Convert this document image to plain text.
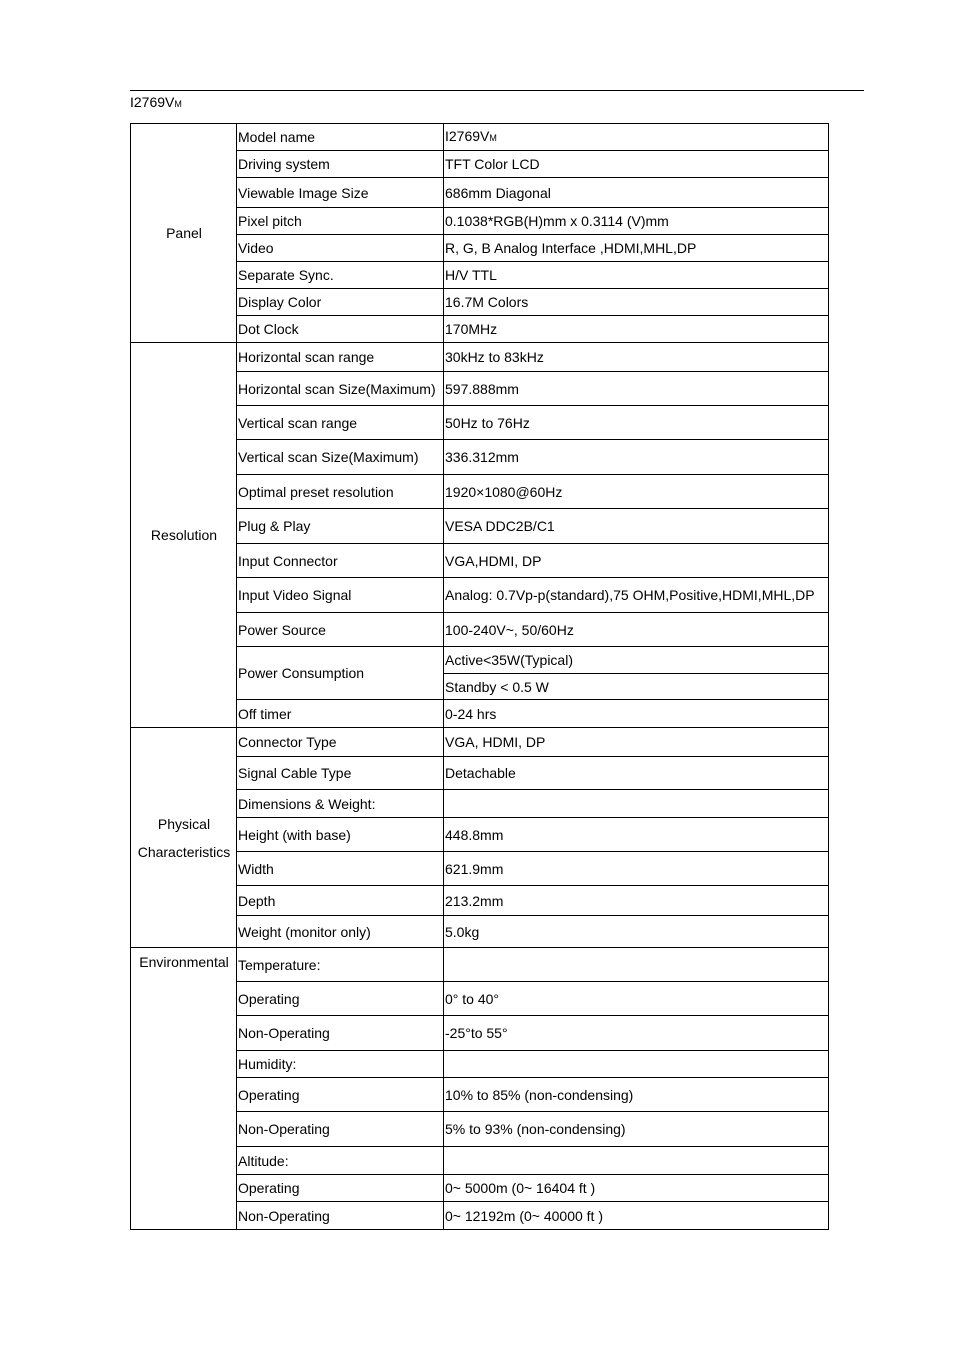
I2769VM
Panel	Model name	I2769VM
	Driving system	TFT Color LCD
	Viewable Image Size	686mm Diagonal
	Pixel pitch	0.1038*RGB(H)mm x 0.3114 (V)mm
	Video	R, G, B Analog Interface ,HDMI,MHL,DP
	Separate Sync.	H/V TTL
	Display Color	16.7M Colors
	Dot Clock	170MHz
Resolution	Horizontal scan range	30kHz to 83kHz
	Horizontal scan Size(Maximum)	597.888mm
	Vertical scan range	50Hz to 76Hz
	Vertical scan Size(Maximum)	336.312mm
	Optimal preset resolution	1920×1080@60Hz
	Plug & Play	VESA DDC2B/C1
	Input Connector	VGA,HDMI, DP
	Input Video Signal	Analog: 0.7Vp-p(standard),75 OHM,Positive,HDMI,MHL,DP
	Power Source	100-240V~, 50/60Hz
	Power Consumption	Active<35W(Typical)
		Standby < 0.5 W
	Off timer	0-24 hrs
Physical
Characteristics	Connector Type	VGA, HDMI, DP
	Signal Cable Type	Detachable
	Dimensions & Weight:	
	Height (with base)	448.8mm
	Width	621.9mm
	Depth	213.2mm
	Weight (monitor only)	5.0kg
Environmental	Temperature:	
	Operating	0° to 40°
	Non-Operating	-25°to 55°
	Humidity:	
	Operating	10% to 85% (non-condensing)
	Non-Operating	5% to 93% (non-condensing)
	Altitude:	
	Operating	0~ 5000m (0~ 16404 ft )
	Non-Operating	0~ 12192m (0~ 40000 ft )
